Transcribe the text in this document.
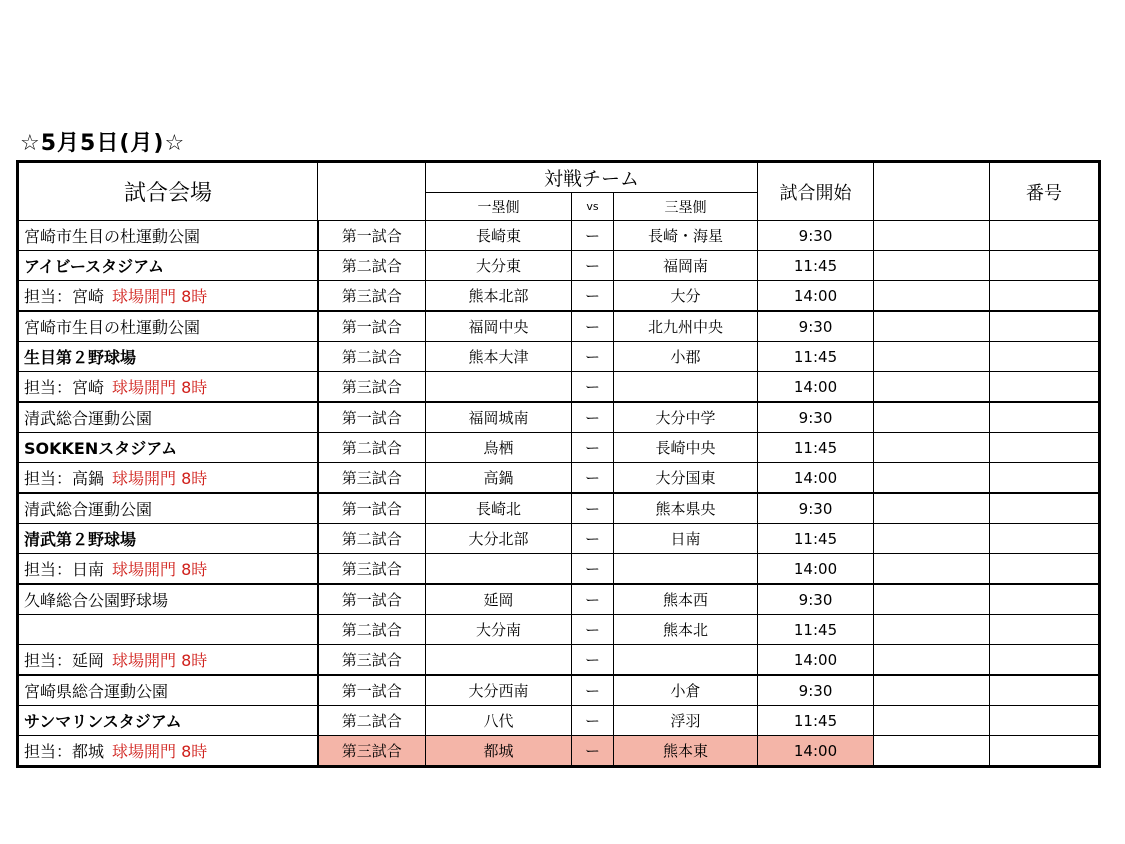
☆5月5日(月)☆
試合会場		対戦チーム			試合開始		番号
		一塁側	vs	三塁側			
宮崎市生目の杜運動公園	第一試合	長崎東	ー	長崎・海星	9:30		
アイビースタジアム	第二試合	大分東	ー	福岡南	11:45		
担当：宮崎 球場開門 8時	第三試合	熊本北部	ー	大分	14:00		
宮崎市生目の杜運動公園	第一試合	福岡中央	ー	北九州中央	9:30		
生目第２野球場	第二試合	熊本大津	ー	小郡	11:45		
担当：宮崎 球場開門 8時	第三試合		ー		14:00		
清武総合運動公園	第一試合	福岡城南	ー	大分中学	9:30		
SOKKENスタジアム	第二試合	鳥栖	ー	長崎中央	11:45		
担当：高鍋 球場開門 8時	第三試合	高鍋	ー	大分国東	14:00		
清武総合運動公園	第一試合	長崎北	ー	熊本県央	9:30		
清武第２野球場	第二試合	大分北部	ー	日南	11:45		
担当：日南 球場開門 8時	第三試合		ー		14:00		
久峰総合公園野球場	第一試合	延岡	ー	熊本西	9:30		
	第二試合	大分南	ー	熊本北	11:45		
担当：延岡 球場開門 8時	第三試合		ー		14:00		
宮崎県総合運動公園	第一試合	大分西南	ー	小倉	9:30		
サンマリンスタジアム	第二試合	八代	ー	浮羽	11:45		
担当：都城 球場開門 8時	第三試合	都城	ー	熊本東	14:00		
